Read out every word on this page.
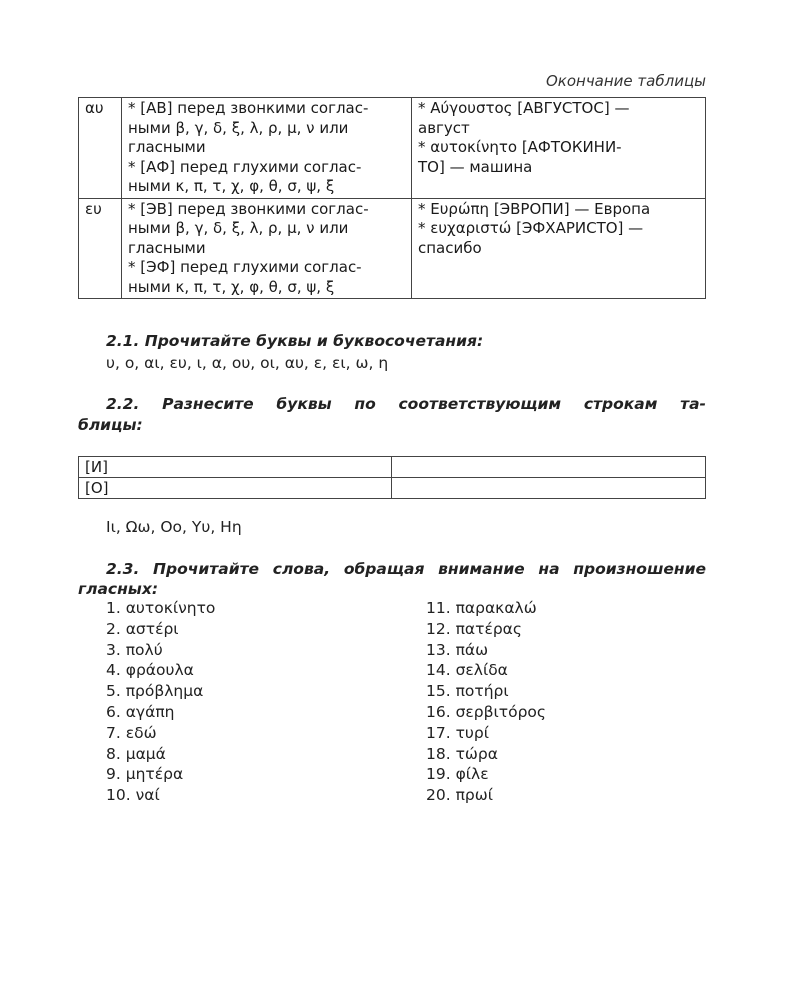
Окончание таблицы
αυ	* [АВ] перед звонкими соглас-
ными β, γ, δ, ξ, λ, ρ, μ, ν или
гласными
* [АФ] перед глухими соглас-
ными κ, π, τ, χ, φ, θ, σ, ψ, ξ	* Αύγουστος [АВГУСТОС] —
август
* αυτοκίνητο [АФТОКИНИ-
ТО] — машина

ευ	* [ЭВ] перед звонкими соглас-
ными β, γ, δ, ξ, λ, ρ, μ, ν или
гласными
* [ЭФ] перед глухими соглас-
ными κ, π, τ, χ, φ, θ, σ, ψ, ξ	* Ευρώπη [ЭВРОПИ] — Европа
* ευχαριστώ [ЭФХАРИСТО] —
спасибо

2.1. Прочитайте буквы и буквосочетания:

υ, ο, αι, ευ, ι, α, ου, οι, αυ, ε, ει, ω, η
2.2. Разнесите буквы по соответствующим строкам та-
блицы:
[И]	
[О]	
Ιι, Ωω, Οο, Υυ, Ηη
2.3. Прочитайте слова, обращая внимание на произношение
гласных:
1. αυτοκίνητο
2. αστέρι
3. πολύ
4. φράουλα
5. πρόβλημα
6. αγάπη
7. εδώ
8. μαμά
9. μητέρα
10. ναί
11. παρακαλώ
12. πατέρας
13. πάω
14. σελίδα
15. ποτήρι
16. σερβιτόρος
17. τυρί
18. τώρα
19. φίλε
20. πρωί
